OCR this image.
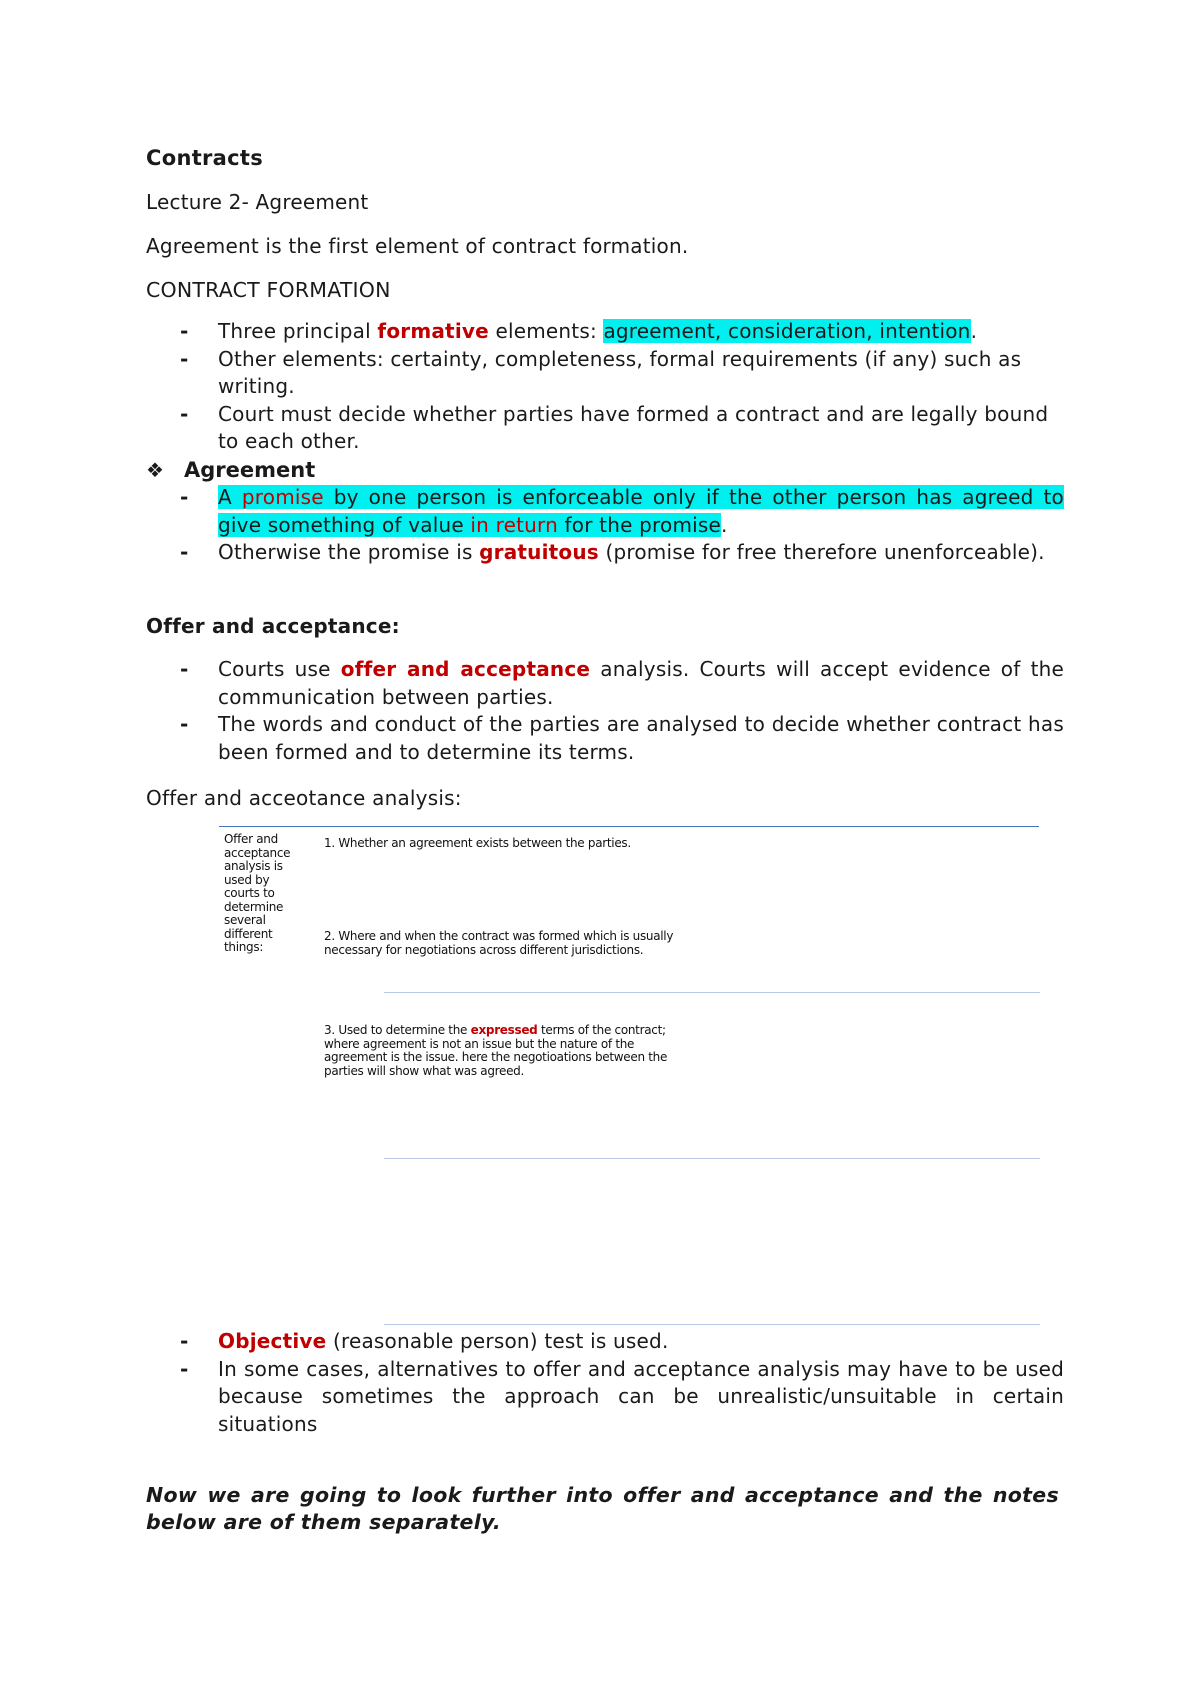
Contracts
Lecture 2- Agreement
Agreement is the first element of contract formation.
CONTRACT FORMATION
- Three principal formative elements: agreement, consideration, intention.
- Other elements: certainty, completeness, formal requirements (if any) such as writing.
- Court must decide whether parties have formed a contract and are legally bound to each other.
❖ Agreement
- A promise by one person is enforceable only if the other person has agreed to give something of value in return for the promise.
- Otherwise the promise is gratuitous (promise for free therefore unenforceable).
Offer and acceptance:
- Courts use offer and acceptance analysis. Courts will accept evidence of the communication between parties.
- The words and conduct of the parties are analysed to decide whether contract has been formed and to determine its terms.
Offer and acceotance analysis:
Offer and acceptance analysis is used by courts to determine several different things:
1. Whether an agreement exists between the parties.
2. Where and when the contract was formed which is usually necessary for negotiations across different jurisdictions.
3. Used to determine the expressed terms of the contract; where agreement is not an issue but the nature of the agreement is the issue. here the negotioations between the parties will show what was agreed.
- Objective (reasonable person) test is used.
- In some cases, alternatives to offer and acceptance analysis may have to be used because sometimes the approach can be unrealistic/unsuitable in certain situations
Now we are going to look further into offer and acceptance and the notes below are of them separately.
